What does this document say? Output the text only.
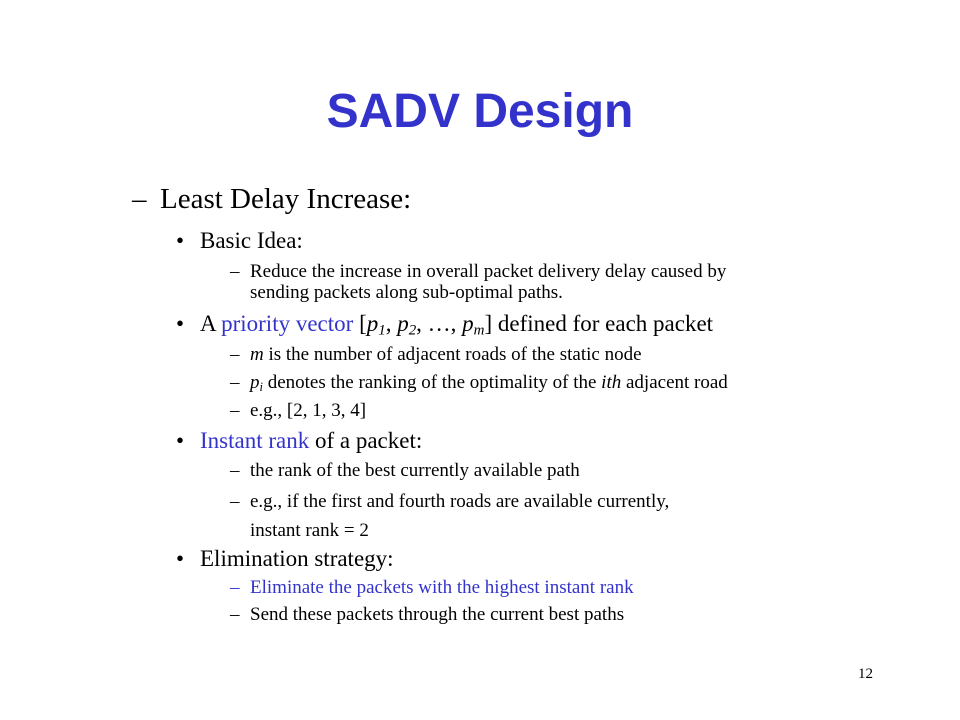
SADV Design
– Least Delay Increase:
• Basic Idea:
– Reduce the increase in overall packet delivery delay caused by
sending packets along sub-optimal paths.
• A priority vector [$p_1$, $p_2$, …, $p_m$] defined for each packet
– m is the number of adjacent roads of the static node
– $p_i$ denotes the ranking of the optimality of the ith adjacent road
– e.g., [2, 1, 3, 4]
• Instant rank of a packet:
– the rank of the best currently available path
– e.g., if the first and fourth roads are available currently,
instant rank = 2
• Elimination strategy:
– Eliminate the packets with the highest instant rank
– Send these packets through the current best paths
12
